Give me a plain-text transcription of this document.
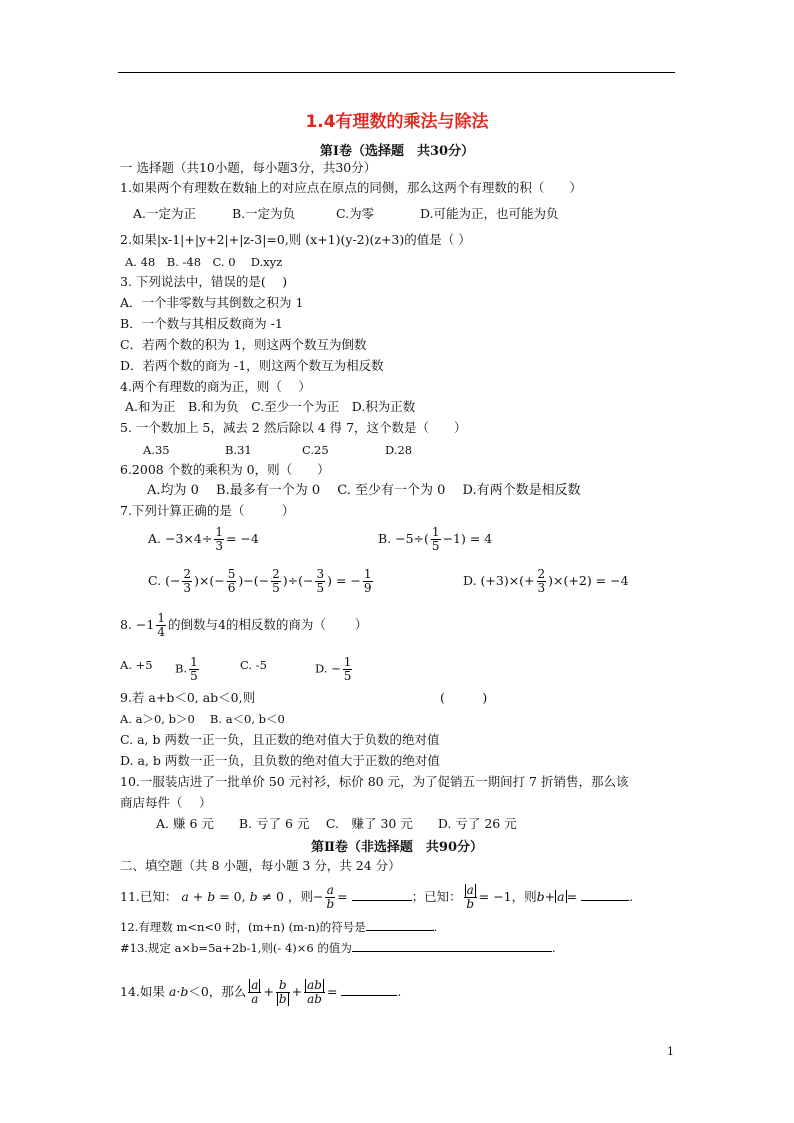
1.4有理数的乘法与除法
第Ⅰ卷（选择题　共30分）
一 选择题（共10小题，每小题3分，共30分）
1.如果两个有理数在数轴上的对应点在原点的同侧，那么这两个有理数的积（　　）
A.一定为正	B.一定为负	C.为零	D.可能为正，也可能为负
2.如果|x-1|+|y+2|+|z-3|=0,则 (x+1)(y-2)(z+3)的值是（ ）
A. 48　B. -48　C. 0　 D.xyz
3. 下列说法中，错误的是(　 )
A．一个非零数与其倒数之积为 1
B．一个数与其相反数商为 -1
C．若两个数的积为 1，则这两个数互为倒数
D．若两个数的商为 -1，则这两个数互为相反数
4.两个有理数的商为正，则（　 ）
A.和为正　B.和为负　C.至少一个为正　D.积为正数
5. 一个数加上 5，减去 2 然后除以 4 得 7，这个数是（　　）
A.35	B.31	C.25	D.28
6.2008 个数的乘积为 0，则（　　）
A.均为 0　 B.最多有一个为 0　 C. 至少有一个为 0　 D.有两个数是相反数
7.下列计算正确的是（　　　）
A. $-3\times 4\div \frac{1}{3} = -4$	B. $-5\div( \frac{1}{5} -1) = 4$
C. (− $\frac{2}{3}$ )×(− $\frac{5}{6}$ )−(− $\frac{2}{5}$ )÷(− $\frac{3}{5}$ ) = − $\frac{1}{9}$	D. $(+3)\times(+ \frac{2}{3} )\times(+2) = -4$
8. $-1 \frac{1}{4}$ 的倒数与4的相反数的商为（　　 ）
A. +5 B. $\frac{1}{5}$	C. -5	D. − $\frac{1}{5}$
9.若 a+b＜0, ab＜0,则	(　　　)
A. a＞0, b＞0　 B. a＜0, b＜0
C. a, b 两数一正一负，且正数的绝对值大于负数的绝对值
D. a, b 两数一正一负，且负数的绝对值大于正数的绝对值
10.一服装店进了一批单价 50 元衬衫，标价 80 元，为了促销五一期间打 7 折销售，那么该
商店每件（　 ）
A. 赚 6 元　　B. 亏了 6 元　 C.　赚了 30 元　　D. 亏了 26 元
第Ⅱ卷（非选择题　共90分）
二、填空题（共 8 小题，每小题 3 分，共 24 分）
11.已知： a + b = 0, b ≠ 0 ，则− $\frac{a}{b}$ =	；已知： $\frac{a}{b} = -1$，则b+ a =	.
12.有理数 m<n<0 时，(m+n) (m-n)的符号是	.
#13.规定 a×b=5a+2b-1,则(- 4)×6 的值为	.
14.如果 a·b＜0，那么 $\frac{a}{a} + \frac{b}{b} + \frac{ab}{ab}$ =	.
1
